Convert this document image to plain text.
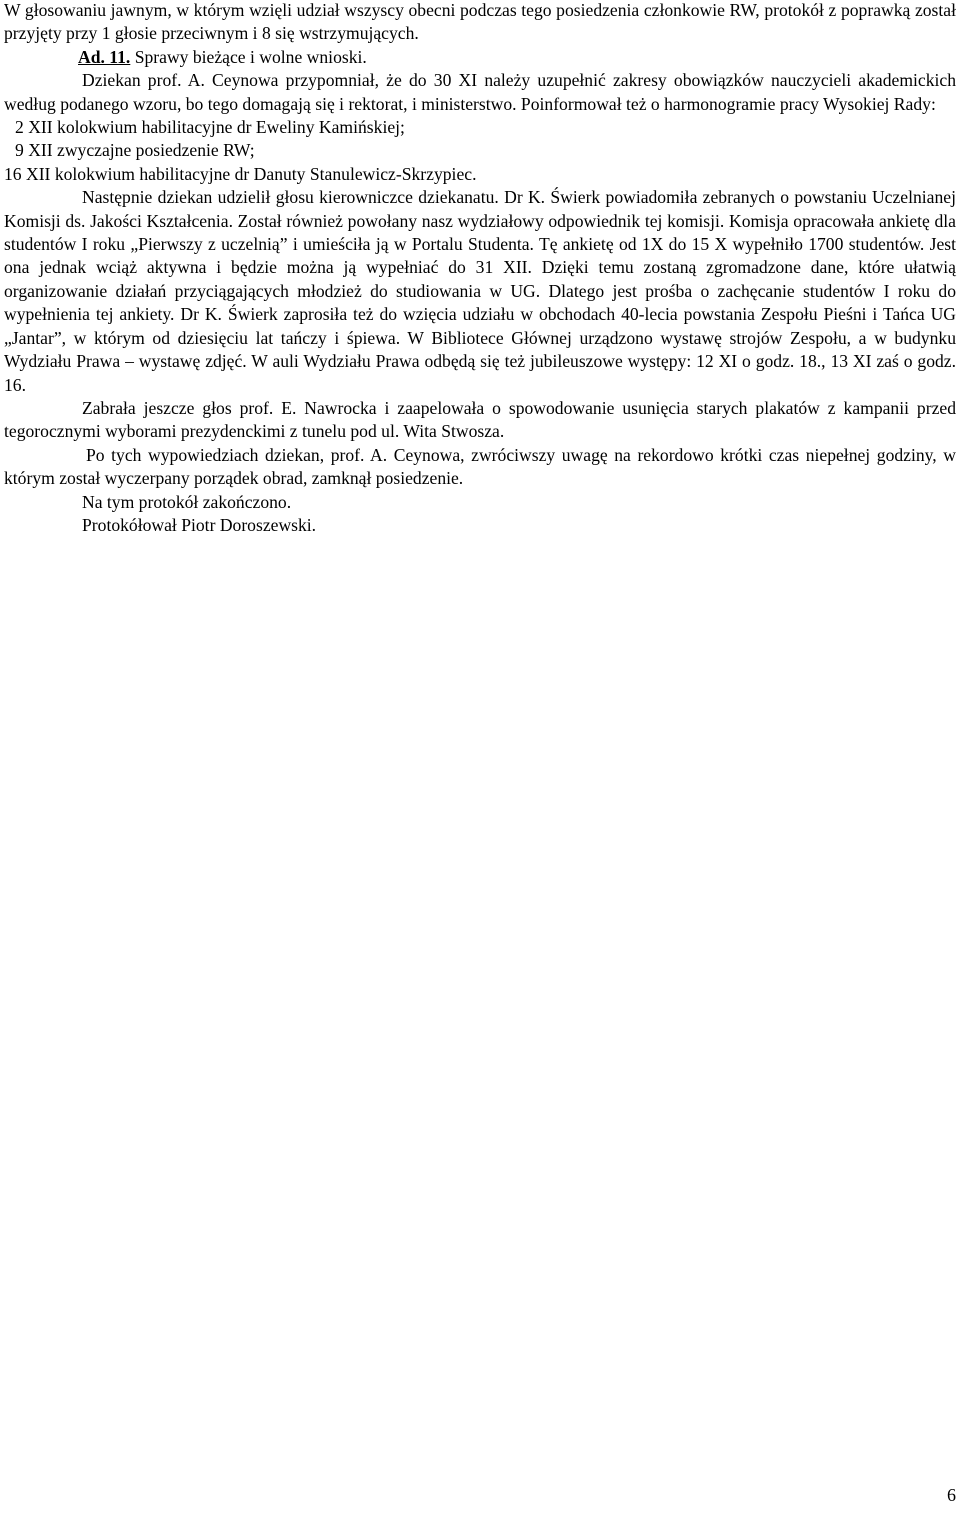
W głosowaniu jawnym, w którym wzięli udział wszyscy obecni podczas tego posiedzenia członkowie RW, protokół z poprawką został przyjęty przy 1 głosie przeciwnym i 8 się wstrzymujących.

Ad. 11. Sprawy bieżące i wolne wnioski.

Dziekan prof. A. Ceynowa przypomniał, że do 30 XI należy uzupełnić zakresy obowiązków nauczycieli akademickich według podanego wzoru, bo tego domagają się i rektorat, i ministerstwo. Poinformował też o harmonogramie pracy Wysokiej Rady:

2 XII kolokwium habilitacyjne dr Eweliny Kamińskiej;

9 XII zwyczajne posiedzenie RW;

16 XII kolokwium habilitacyjne dr Danuty Stanulewicz-Skrzypiec.

Następnie dziekan udzielił głosu kierowniczce dziekanatu. Dr K. Świerk powiadomiła zebranych o powstaniu Uczelnianej Komisji ds. Jakości Kształcenia. Został również powołany nasz wydziałowy odpowiednik tej komisji. Komisja opracowała ankietę dla studentów I roku „Pierwszy z uczelnią” i umieściła ją w Portalu Studenta. Tę ankietę od 1X do 15 X wypełniło 1700 studentów. Jest ona jednak wciąż aktywna i będzie można ją wypełniać do 31 XII. Dzięki temu zostaną zgromadzone dane, które ułatwią organizowanie działań przyciągających młodzież do studiowania w UG. Dlatego jest prośba o zachęcanie studentów I roku do wypełnienia tej ankiety. Dr K. Świerk zaprosiła też do wzięcia udziału w obchodach 40-lecia powstania Zespołu Pieśni i Tańca UG „Jantar”, w którym od dziesięciu lat tańczy i śpiewa. W Bibliotece Głównej urządzono wystawę strojów Zespołu, a w budynku Wydziału Prawa – wystawę zdjęć. W auli Wydziału Prawa odbędą się też jubileuszowe występy: 12 XI o godz. 18., 13 XI zaś o godz. 16.

Zabrała jeszcze głos prof. E. Nawrocka i zaapelowała o spowodowanie usunięcia starych plakatów z kampanii przed tegorocznymi wyborami prezydenckimi z tunelu pod ul. Wita Stwosza.

Po tych wypowiedziach dziekan, prof. A. Ceynowa, zwróciwszy uwagę na rekordowo krótki czas niepełnej godziny, w którym został wyczerpany porządek obrad, zamknął posiedzenie.

Na tym protokół zakończono.

Protokółował Piotr Doroszewski.

6
